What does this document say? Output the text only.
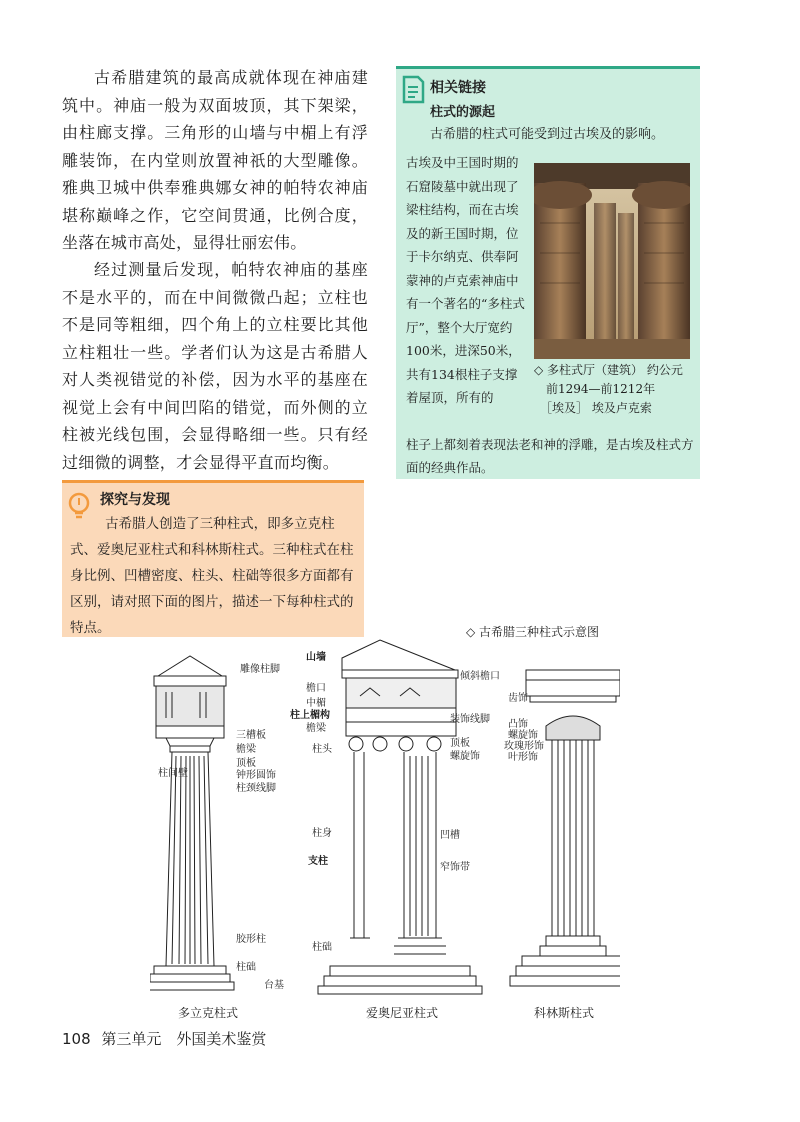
古希腊建筑的最高成就体现在神庙建筑中。神庙一般为双面坡顶，其下架梁，由柱廊支撑。三角形的山墙与中楣上有浮雕装饰，在内堂则放置神祇的大型雕像。雅典卫城中供奉雅典娜女神的帕特农神庙堪称巅峰之作，它空间贯通，比例合度，坐落在城市高处，显得壮丽宏伟。
经过测量后发现，帕特农神庙的基座不是水平的，而在中间微微凸起；立柱也不是同等粗细，四个角上的立柱要比其他立柱粗壮一些。学者们认为这是古希腊人对人类视错觉的补偿，因为水平的基座在视觉上会有中间凹陷的错觉，而外侧的立柱被光线包围，会显得略细一些。只有经过细微的调整，才会显得平直而均衡。
相关链接
柱式的源起
古希腊的柱式可能受到过古埃及的影响。
古埃及中王国时期的石窟陵墓中就出现了梁柱结构，而在古埃及的新王国时期，位于卡尔纳克、供奉阿蒙神的卢克索神庙中有一个著名的“多柱式厅”，整个大厅宽约100米，进深50米，共有134根柱子支撑着屋顶，所有的
◇ 多柱式厅（建筑） 约公元
前1294—前1212年
［埃及］ 埃及卢克索
柱子上都刻着表现法老和神的浮雕，是古埃及柱式方面的经典作品。
探究与发现
古希腊人创造了三种柱式，即多立克柱式、爱奥尼亚柱式和科林斯柱式。三种柱式在柱身比例、凹槽密度、柱头、柱础等很多方面都有区别，请对照下面的图片，描述一下每种柱式的特点。	◇ 古希腊三种柱式示意图
雕像柱脚
三槽板
檐梁
顶板
钟形圆饰
柱颈线脚
柱间壁
胶形柱
柱础
台基
山墙
檐口
中楣
柱上楣构
檐梁
柱头
柱身
支柱
柱础
倾斜檐口
装饰线脚
顶板
螺旋饰
凹槽
窄饰带
齿饰
凸饰
螺旋饰
玫瑰形饰
叶形饰
多立克柱式	爱奥尼亚柱式	科林斯柱式
108 第三单元　外国美术鉴赏
